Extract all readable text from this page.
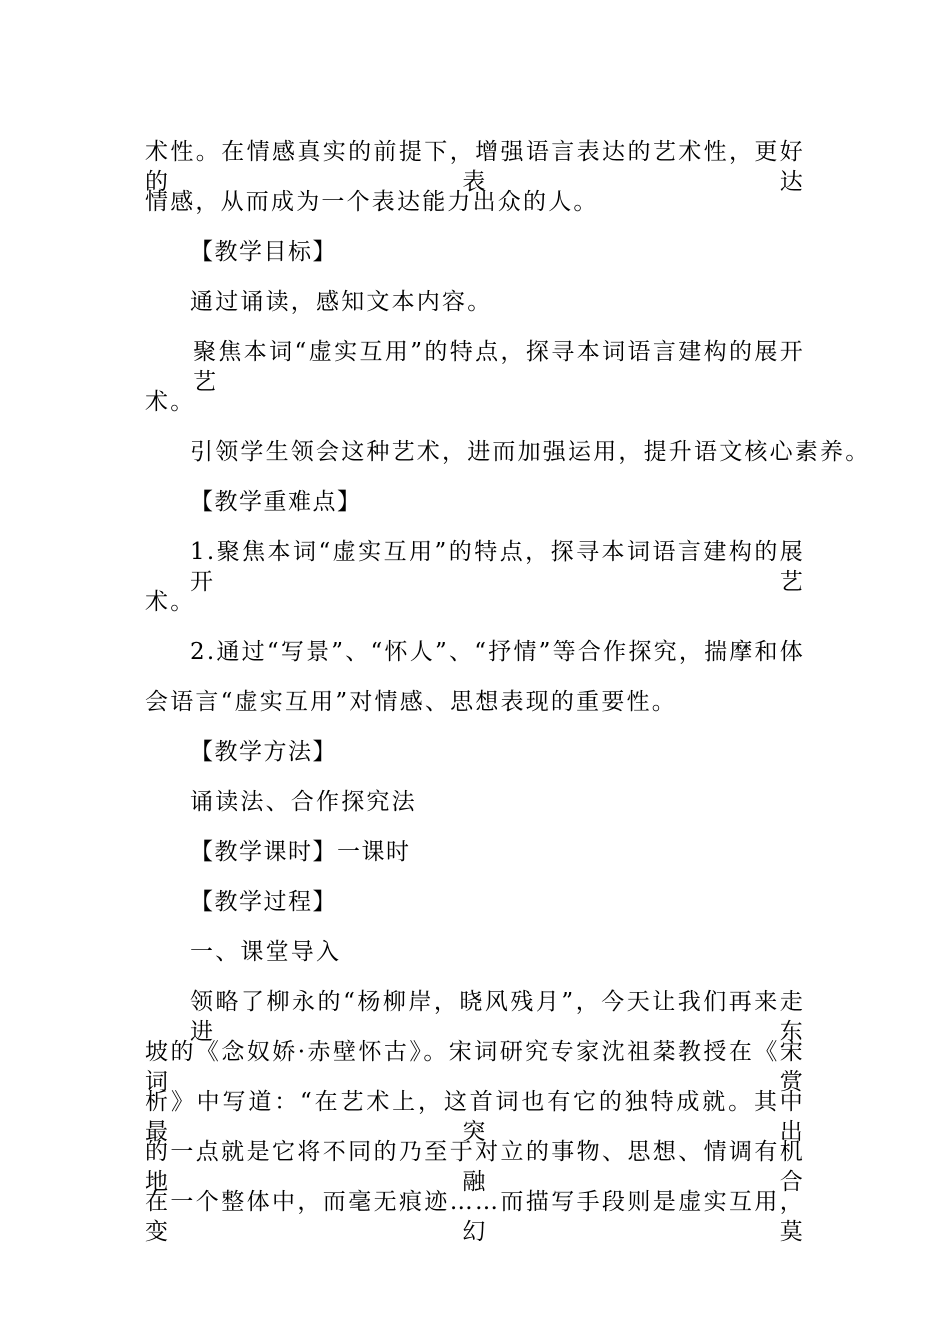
术性。在情感真实的前提下，增强语言表达的艺术性，更好的表达
情感，从而成为一个表达能力出众的人。
【教学目标】
通过诵读，感知文本内容。
聚焦本词“虚实互用”的特点，探寻本词语言建构的展开艺
术。
引领学生领会这种艺术，进而加强运用，提升语文核心素养。
【教学重难点】
1.聚焦本词“虚实互用”的特点，探寻本词语言建构的展开艺
术。
2.通过“写景”、“怀人”、“抒情”等合作探究，揣摩和体
会语言“虚实互用”对情感、思想表现的重要性。
【教学方法】
诵读法、合作探究法
【教学课时】一课时
【教学过程】
一、课堂导入
领略了柳永的“杨柳岸，晓风残月”，今天让我们再来走进东
坡的《念奴娇·赤壁怀古》。宋词研究专家沈祖棻教授在《宋词赏
析》中写道：“在艺术上，这首词也有它的独特成就。其中最突出
的一点就是它将不同的乃至于对立的事物、思想、情调有机地融合
在一个整体中，而毫无痕迹……而描写手段则是虚实互用，变幻莫
